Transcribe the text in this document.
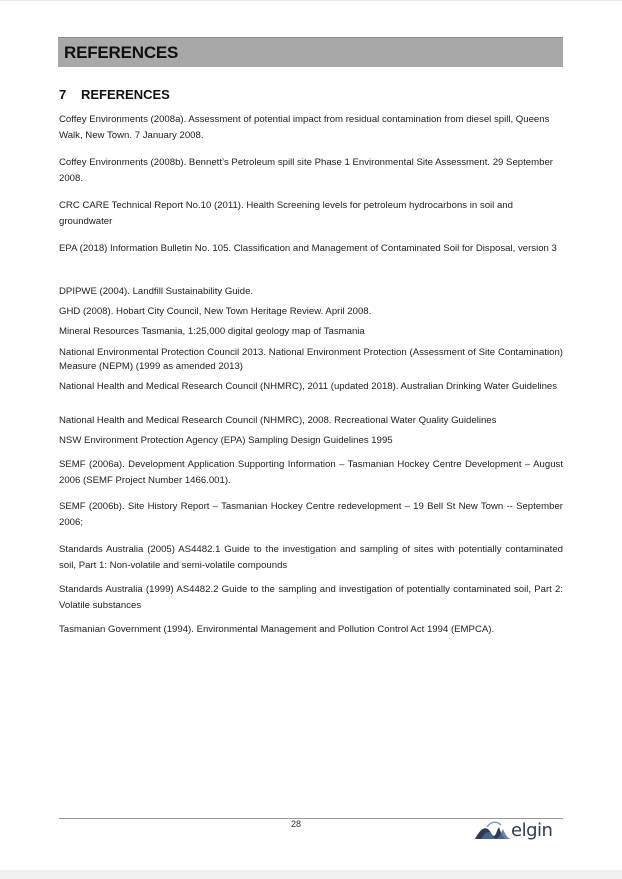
REFERENCES
7	REFERENCES
Coffey Environments (2008a). Assessment of potential impact from residual contamination from diesel spill, Queens Walk, New Town. 7 January 2008.
Coffey Environments (2008b). Bennett’s Petroleum spill site Phase 1 Environmental Site Assessment. 29 September 2008.
CRC CARE Technical Report No.10 (2011). Health Screening levels for petroleum hydrocarbons in soil and groundwater
EPA (2018) Information Bulletin No. 105. Classification and Management of Contaminated Soil for Disposal, version 3
DPIPWE (2004). Landfill Sustainability Guide.
GHD (2008). Hobart City Council, New Town Heritage Review. April 2008.
Mineral Resources Tasmania, 1:25,000 digital geology map of Tasmania
National Environmental Protection Council 2013. National Environment Protection (Assessment of Site Contamination) Measure (NEPM) (1999 as amended 2013)
National Health and Medical Research Council (NHMRC), 2011 (updated 2018). Australian Drinking Water Guidelines
National Health and Medical Research Council (NHMRC), 2008. Recreational Water Quality Guidelines
NSW Environment Protection Agency (EPA) Sampling Design Guidelines 1995
SEMF (2006a). Development Application Supporting Information – Tasmanian Hockey Centre Development – August 2006 (SEMF Project Number 1466.001).
SEMF (2006b). Site History Report – Tasmanian Hockey Centre redevelopment – 19 Bell St New Town -- September 2006;
Standards Australia (2005) AS4482.1 Guide to the investigation and sampling of sites with potentially contaminated soil, Part 1: Non-volatile and semi-volatile compounds
Standards Australia (1999) AS4482.2 Guide to the sampling and investigation of potentially contaminated soil, Part 2: Volatile substances
Tasmanian Government (1994). Environmental Management and Pollution Control Act 1994 (EMPCA).
28	elgin
